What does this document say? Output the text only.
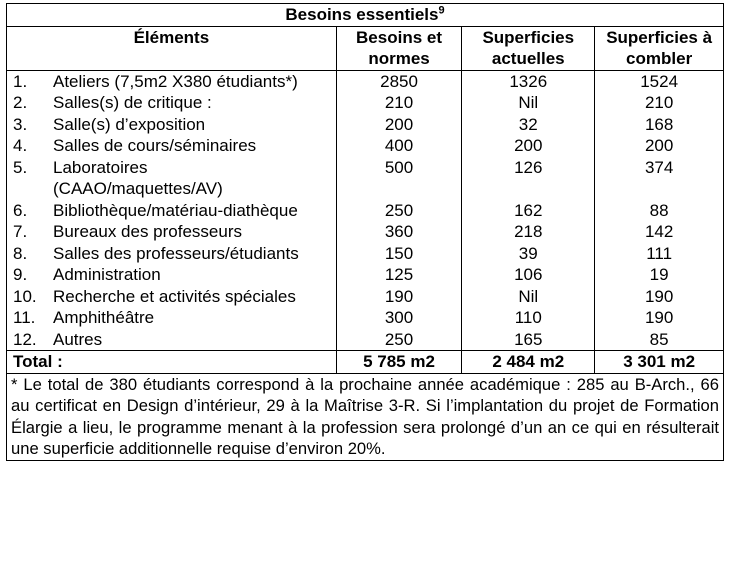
Besoins essentiels$^9$
Éléments	Besoins et normes	Superficies actuelles	Superficies à combler
1. Ateliers (7,5m2 X380 étudiants*)	2850	1326	1524
2. Salles(s) de critique :	210	Nil	210
3. Salle(s) d’exposition	200	32	168
4. Salles de cours/séminaires	400	200	200
5. Laboratoires (CAAO/maquettes/AV)	500	126	374
6. Bibliothèque/matériau-diathèque	250	162	88
7. Bureaux des professeurs	360	218	142
8. Salles des professeurs/étudiants	150	39	111
9. Administration	125	106	19
10. Recherche et activités spéciales	190	Nil	190
11. Amphithéâtre	300	110	190
12. Autres	250	165	85
Total :	5 785 m2	2 484 m2	3 301 m2
* Le total de 380 étudiants correspond à la prochaine année académique : 285 au B-Arch., 66 au certificat en Design d’intérieur, 29 à la Maîtrise 3-R. Si l’implantation du projet de Formation Élargie a lieu, le programme menant à la profession sera prolongé d’un an ce qui en résulterait une superficie additionnelle requise d’environ 20%.
